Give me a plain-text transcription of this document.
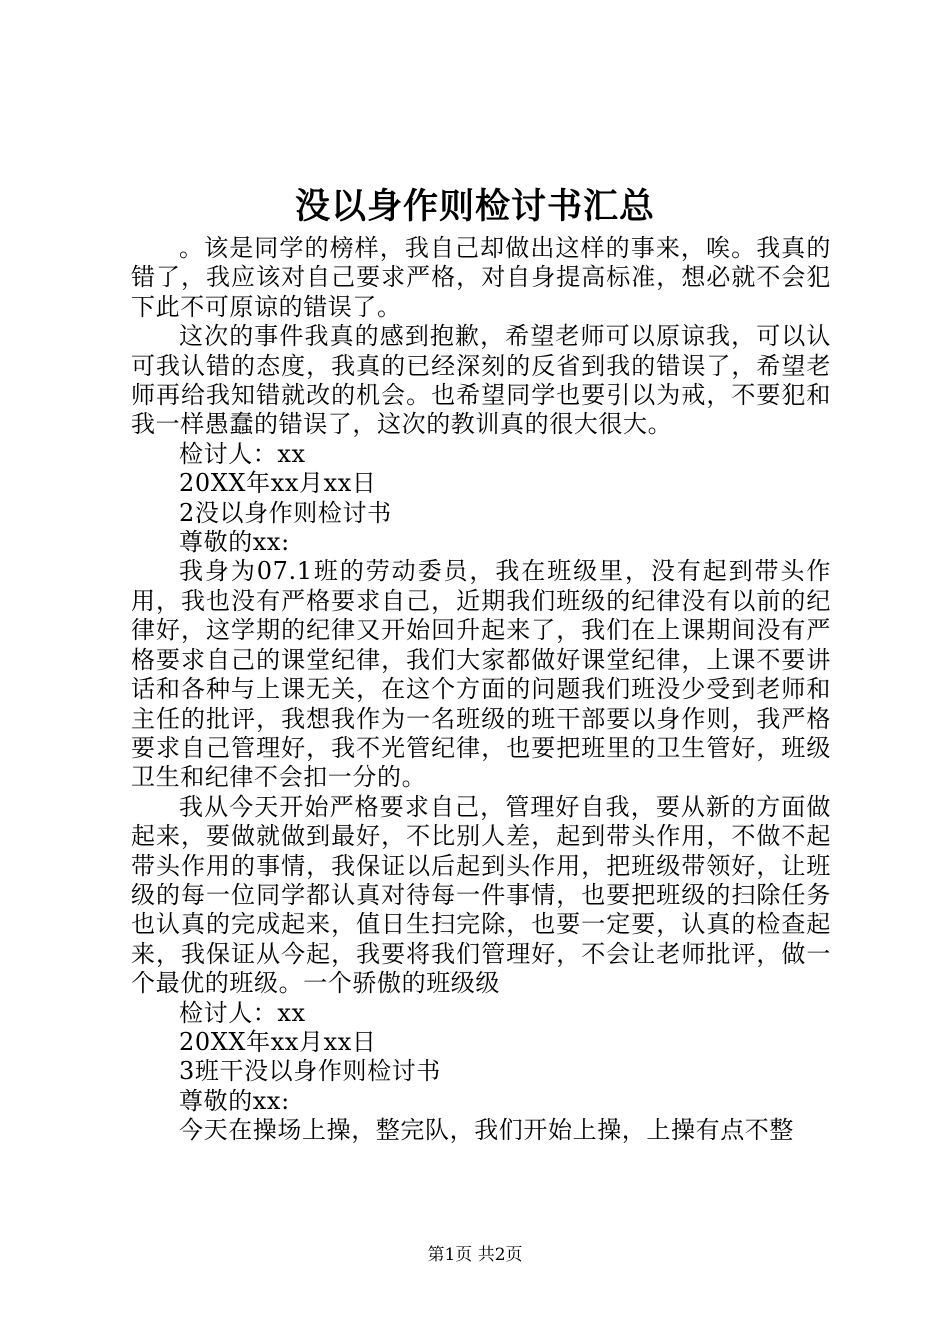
没以身作则检讨书汇总

。该是同学的榜样，我自己却做出这样的事来，唉。我真的错了，我应该对自己要求严格，对自身提高标准，想必就不会犯下此不可原谅的错误了。

这次的事件我真的感到抱歉，希望老师可以原谅我，可以认可我认错的态度，我真的已经深刻的反省到我的错误了，希望老师再给我知错就改的机会。也希望同学也要引以为戒，不要犯和我一样愚蠢的错误了，这次的教训真的很大很大。

检讨人：xx

20XX年xx月xx日

2没以身作则检讨书

尊敬的xx:

我身为07.1班的劳动委员，我在班级里，没有起到带头作用，我也没有严格要求自己，近期我们班级的纪律没有以前的纪律好，这学期的纪律又开始回升起来了，我们在上课期间没有严格要求自己的课堂纪律，我们大家都做好课堂纪律，上课不要讲话和各种与上课无关，在这个方面的问题我们班没少受到老师和主任的批评，我想我作为一名班级的班干部要以身作则，我严格要求自己管理好，我不光管纪律，也要把班里的卫生管好，班级卫生和纪律不会扣一分的。

我从今天开始严格要求自己，管理好自我，要从新的方面做起来，要做就做到最好，不比别人差，起到带头作用，不做不起带头作用的事情，我保证以后起到头作用，把班级带领好，让班级的每一位同学都认真对待每一件事情，也要把班级的扫除任务也认真的完成起来，值日生扫完除，也要一定要，认真的检查起来，我保证从今起，我要将我们管理好，不会让老师批评，做一个最优的班级。一个骄傲的班级级

检讨人：xx

20XX年xx月xx日

3班干没以身作则检讨书

尊敬的xx:

今天在操场上操，整完队，我们开始上操，上操有点不整

第1页 共2页
